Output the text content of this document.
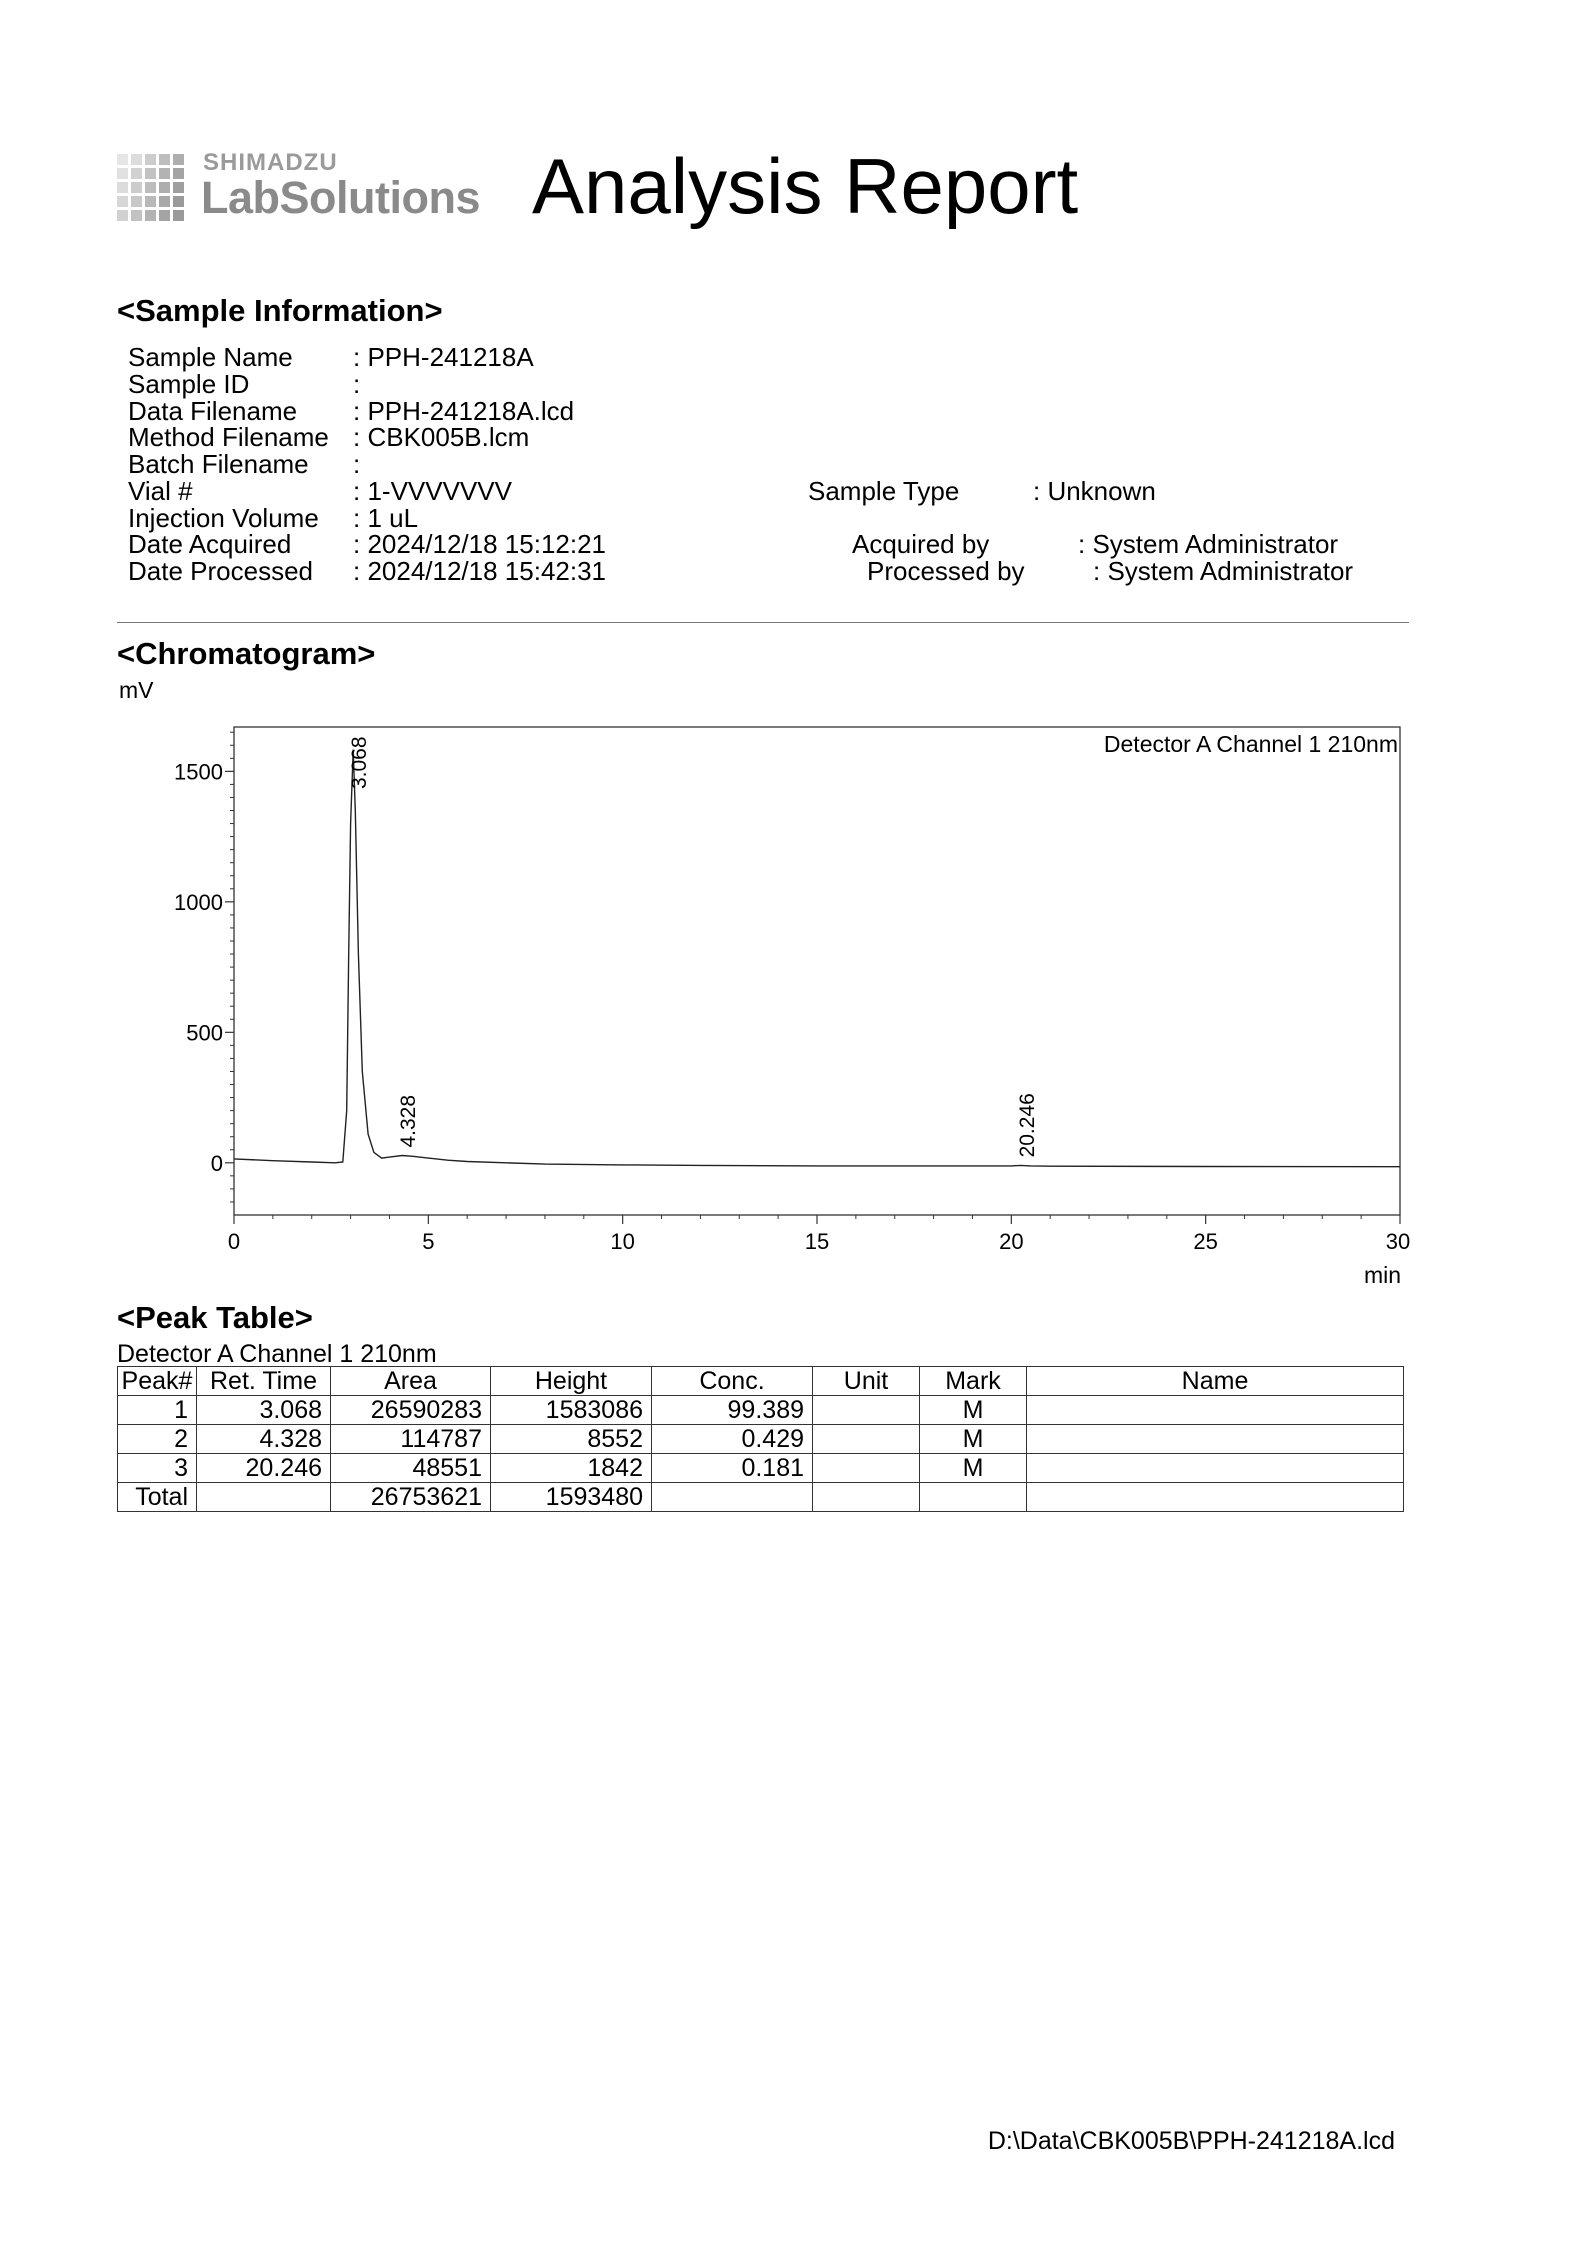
SHIMADZU
LabSolutions Analysis Report
<Sample Information>
Sample Name : PPH-241218A
Sample ID	:
Data Filename : PPH-241218A.lcd
Method Filename : CBK005B.lcm
Batch Filename :
Vial #	: 1-VVVVVVV
Injection Volume : 1 uL
Date Acquired : 2024/12/18 15:12:21
Date Processed : 2024/12/18 15:42:31
Sample Type	: Unknown
Acquired by	: System Administrator
Processed by	: System Administrator
<Chromatogram>
mV
0
500
1000
1500
0	5	10	15	20	25	30
Detector A Channel 1 210nm
3.068
4.328	20.246
min
<Peak Table>
Detector A Channel 1 210nm
Peak#	Ret. Time	Area	Height	Conc.	Unit	Mark	Name
1	3.068	26590283	1583086	99.389		M	
2	4.328	114787	8552	0.429		M	
3	20.246	48551	1842	0.181		M	
Total		26753621	1593480				
D:\Data\CBK005B\PPH-241218A.lcd
